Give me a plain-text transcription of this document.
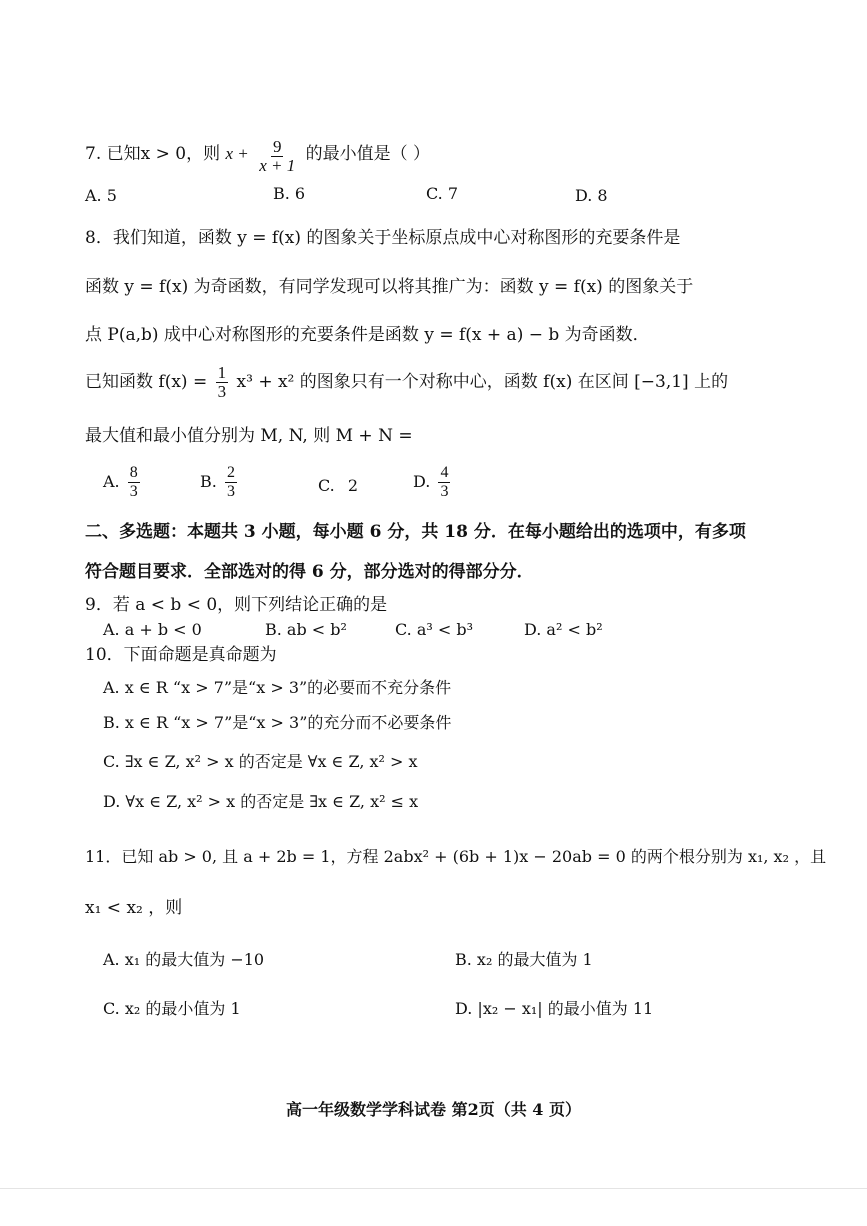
7. 已知x > 0，则 $x + \frac{9}{x + 1}$ 的最小值是（ ）
A. 5	B. 6	C. 7	D. 8
8．我们知道，函数 y = f(x) 的图象关于坐标原点成中心对称图形的充要条件是
函数 y = f(x) 为奇函数，有同学发现可以将其推广为：函数 y = f(x) 的图象关于
点 P(a,b) 成中心对称图形的充要条件是函数 y = f(x + a) − b 为奇函数．
已知函数 $f(x) = \frac{1}{3} x^3 + x^2$ 的图象只有一个对称中心，函数 f(x) 在区间 [−3,1] 上的
最大值和最小值分别为 M, N, 则 M + N =
A. $\frac{8}{3}$	B. $\frac{2}{3}$	C. 2	D. $\frac{4}{3}$
二、多选题：本题共 3 小题，每小题 6 分，共 18 分．在每小题给出的选项中，有多项
符合题目要求．全部选对的得 6 分，部分选对的得部分分．
9．若 a < b < 0，则下列结论正确的是
A. a + b < 0	B. ab < b²	C. a³ < b³	D. a² < b²
10．下面命题是真命题为
A. x ∈ R “x > 7”是“x > 3”的必要而不充分条件
B. x ∈ R “x > 7”是“x > 3”的充分而不必要条件
C. ∃x ∈ Z, x² > x 的否定是 ∀x ∈ Z, x² > x
D. ∀x ∈ Z, x² > x 的否定是 ∃x ∈ Z, x² ≤ x
11．已知 ab > 0, 且 a + 2b = 1，方程 2abx² + (6b + 1)x − 20ab = 0 的两个根分别为 x₁, x₂ ，且
x₁ < x₂ ，则
A. x₁ 的最大值为 −10	B. x₂ 的最大值为 1
C. x₂ 的最小值为 1	D. |x₂ − x₁| 的最小值为 11
高一年级数学学科试卷 第2页（共 4 页）
